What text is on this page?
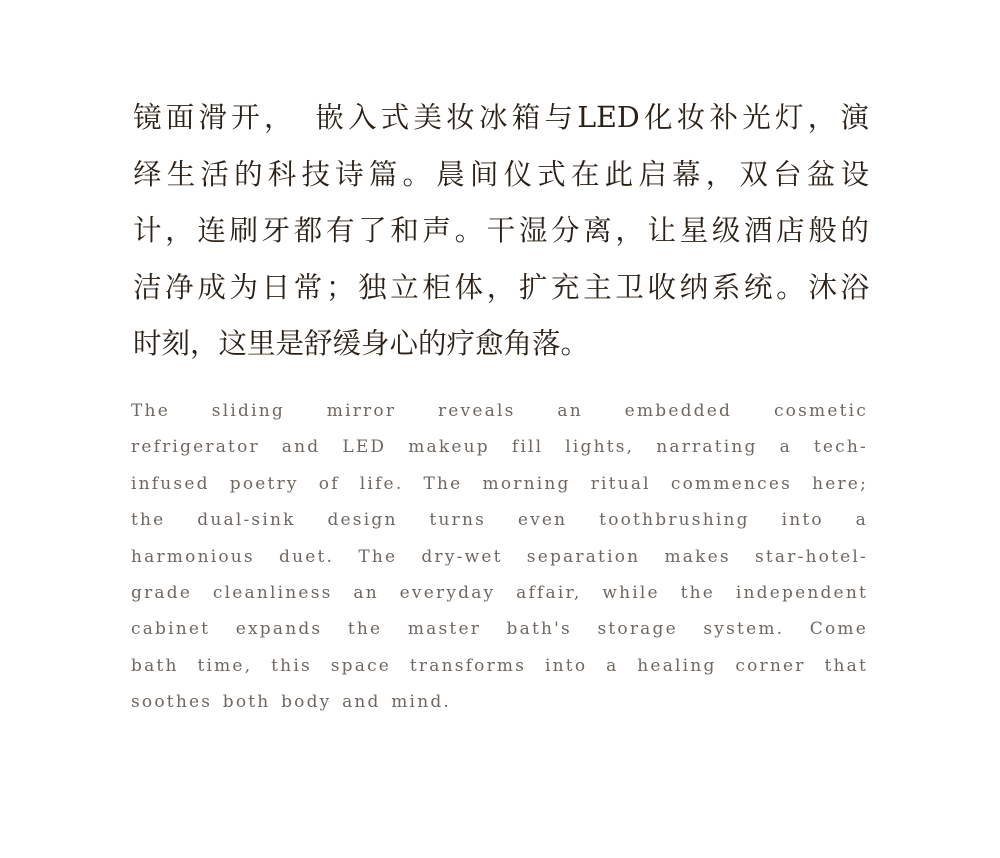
镜面滑开，　嵌入式美妆冰箱与LED化妆补光灯，演
绎生活的科技诗篇。晨间仪式在此启幕，双台盆设
计，连刷牙都有了和声。干湿分离，让星级酒店般的
洁净成为日常；独立柜体，扩充主卫收纳系统。沐浴
时刻，这里是舒缓身心的疗愈角落。
The sliding mirror reveals an embedded cosmetic
refrigerator and LED makeup fill lights, narrating a tech-
infused poetry of life. The morning ritual commences here;
the dual-sink design turns even toothbrushing into a
harmonious duet. The dry-wet separation makes star-hotel-
grade cleanliness an everyday affair, while the independent
cabinet expands the master bath's storage system. Come
bath time, this space transforms into a healing corner that
soothes both body and mind.
